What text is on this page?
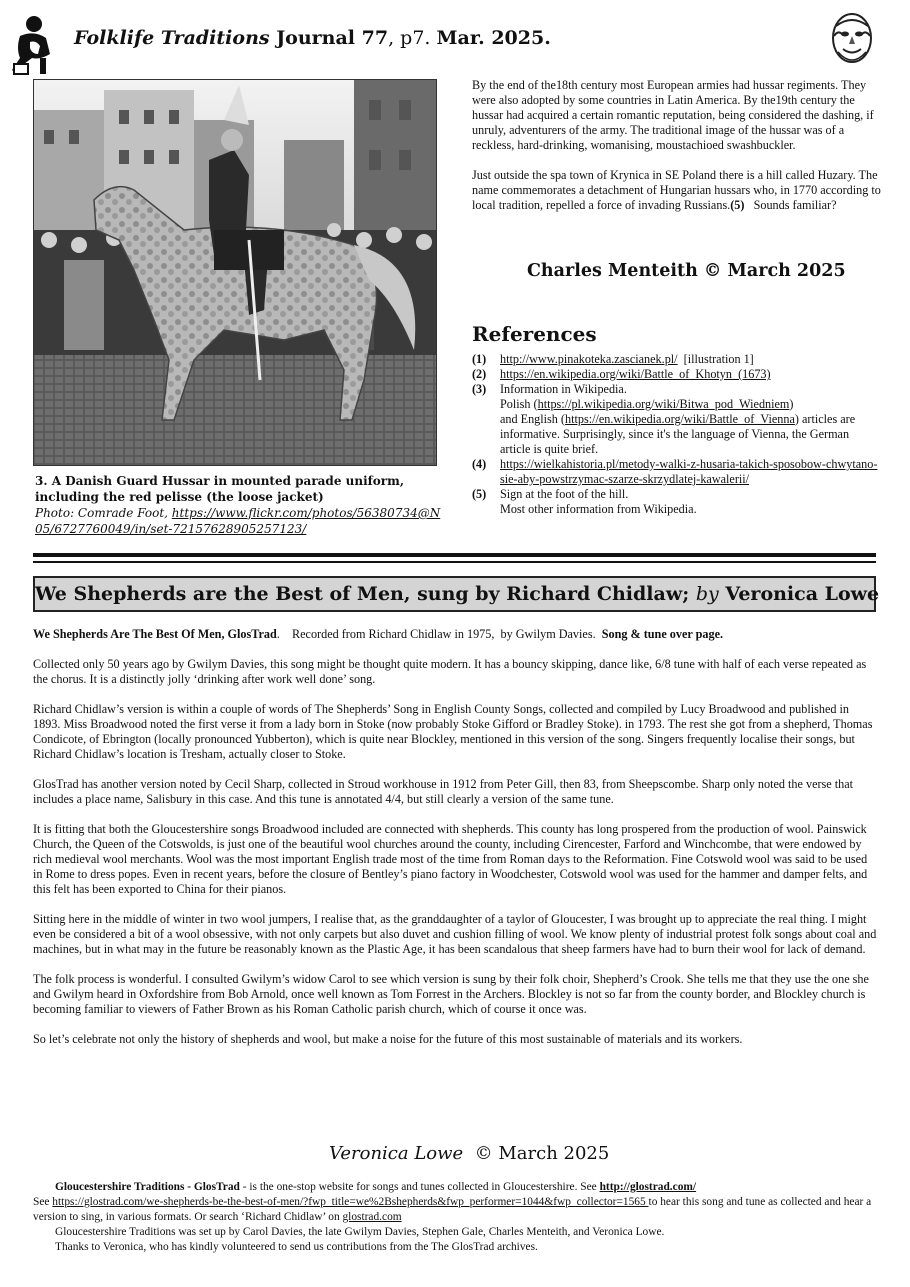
Folklife Traditions Journal 77, p7. Mar. 2025.
3. A Danish Guard Hussar in mounted parade uniform,
including the red pelisse (the loose jacket)
Photo: Comrade Foot, https://www.flickr.com/photos/56380734@N05/6727760049/in/set-72157628905257123/

By the end of the18th century most European armies had hussar regiments. They were also adopted by some countries in Latin America. By the19th century the hussar had acquired a certain romantic reputation, being considered the dashing, if unruly, adventurers of the army. The traditional image of the hussar was of a reckless, hard-drinking, womanising, moustachioed swashbuckler.

Just outside the spa town of Krynica in SE Poland there is a hill called Huzary. The name commemorates a detachment of Hungarian hussars who, in 1770 according to local tradition, repelled a force of invading Russians.(5)   Sounds familiar?

Charles Menteith © March 2025
References
(1)	http://www.pinakoteka.zascianek.pl/  [illustration 1]
(2)	https://en.wikipedia.org/wiki/Battle_of_Khotyn_(1673)
(3)	Information in Wikipedia.
Polish (https://pl.wikipedia.org/wiki/Bitwa_pod_Wiedniem)
and English (https://en.wikipedia.org/wiki/Battle_of_Vienna) articles are informative. Surprisingly, since it's the language of Vienna, the German article is quite brief.
(4)	https://wielkahistoria.pl/metody-walki-z-husaria-takich-sposobow-chwytano-sie-aby-powstrzymac-szarze-skrzydlatej-kawalerii/
(5)	Sign at the foot of the hill.
Most other information from Wikipedia.
We Shepherds are the Best of Men, sung by Richard Chidlaw; by Veronica Lowe

We Shepherds Are The Best Of Men, GlosTrad.    Recorded from Richard Chidlaw in 1975,  by Gwilym Davies.  Song & tune over page.

Collected only 50 years ago by Gwilym Davies, this song might be thought quite modern. It has a bouncy skipping, dance like, 6/8 tune with half of each verse repeated as the chorus. It is a distinctly jolly ‘drinking after work well done’ song.

Richard Chidlaw’s version is within a couple of words of The Shepherds’ Song in English County Songs, collected and compiled by Lucy Broadwood and published in 1893. Miss Broadwood noted the first verse it from a lady born in Stoke (now probably Stoke Gifford or Bradley Stoke). in 1793. The rest she got from a shepherd, Thomas Condicote, of Ebrington (locally pronounced Yubberton), which is quite near Blockley, mentioned in this version of the song. Singers frequently localise their songs, but Richard Chidlaw’s location is Tresham, actually closer to Stoke.

GlosTrad has another version noted by Cecil Sharp, collected in Stroud workhouse in 1912 from Peter Gill, then 83, from Sheepscombe. Sharp only noted the verse that includes a place name, Salisbury in this case. And this tune is annotated 4/4, but still clearly a version of the same tune.

It is fitting that both the Gloucestershire songs Broadwood included are connected with shepherds. This county has long prospered from the production of wool. Painswick Church, the Queen of the Cotswolds, is just one of the beautiful wool churches around the county, including Cirencester, Farford and Winchcombe, that were endowed by rich medieval wool merchants. Wool was the most important English trade most of the time from Roman days to the Reformation. Fine Cotswold wool was said to be used in Rome to dress popes. Even in recent years, before the closure of Bentley’s piano factory in Woodchester, Cotswold wool was used for the hammer and damper felts, and this felt has been exported to China for their pianos.

Sitting here in the middle of winter in two wool jumpers, I realise that, as the granddaughter of a taylor of Gloucester, I was brought up to appreciate the real thing. I might even be considered a bit of a wool obsessive, with not only carpets but also duvet and cushion filling of wool. We know plenty of industrial protest folk songs about coal and machines, but in what may in the future be reasonably known as the Plastic Age, it has been scandalous that sheep farmers have had to burn their wool for lack of demand.

The folk process is wonderful. I consulted Gwilym’s widow Carol to see which version is sung by their folk choir, Shepherd’s Crook. She tells me that they use the one she and Gwilym heard in Oxfordshire from Bob Arnold, once well known as Tom Forrest in the Archers. Blockley is not so far from the county border, and Blockley church is becoming familiar to viewers of Father Brown as his Roman Catholic parish church, which of course it once was.

So let’s celebrate not only the history of shepherds and wool, but make a noise for the future of this most sustainable of materials and its workers.

Veronica Lowe  © March 2025
Gloucestershire Traditions - GlosTrad - is the one-stop website for songs and tunes collected in Gloucestershire. See http://glostrad.com/
See https://glostrad.com/we-shepherds-be-the-best-of-men/?fwp_title=we%2Bshepherds&fwp_performer=1044&fwp_collector=1565 to hear this song and tune as collected and hear a version to sing, in various formats. Or search ‘Richard Chidlaw’ on glostrad.com
Gloucestershire Traditions was set up by Carol Davies, the late Gwilym Davies, Stephen Gale, Charles Menteith, and Veronica Lowe.
Thanks to Veronica, who has kindly volunteered to send us contributions from the The GlosTrad archives.
